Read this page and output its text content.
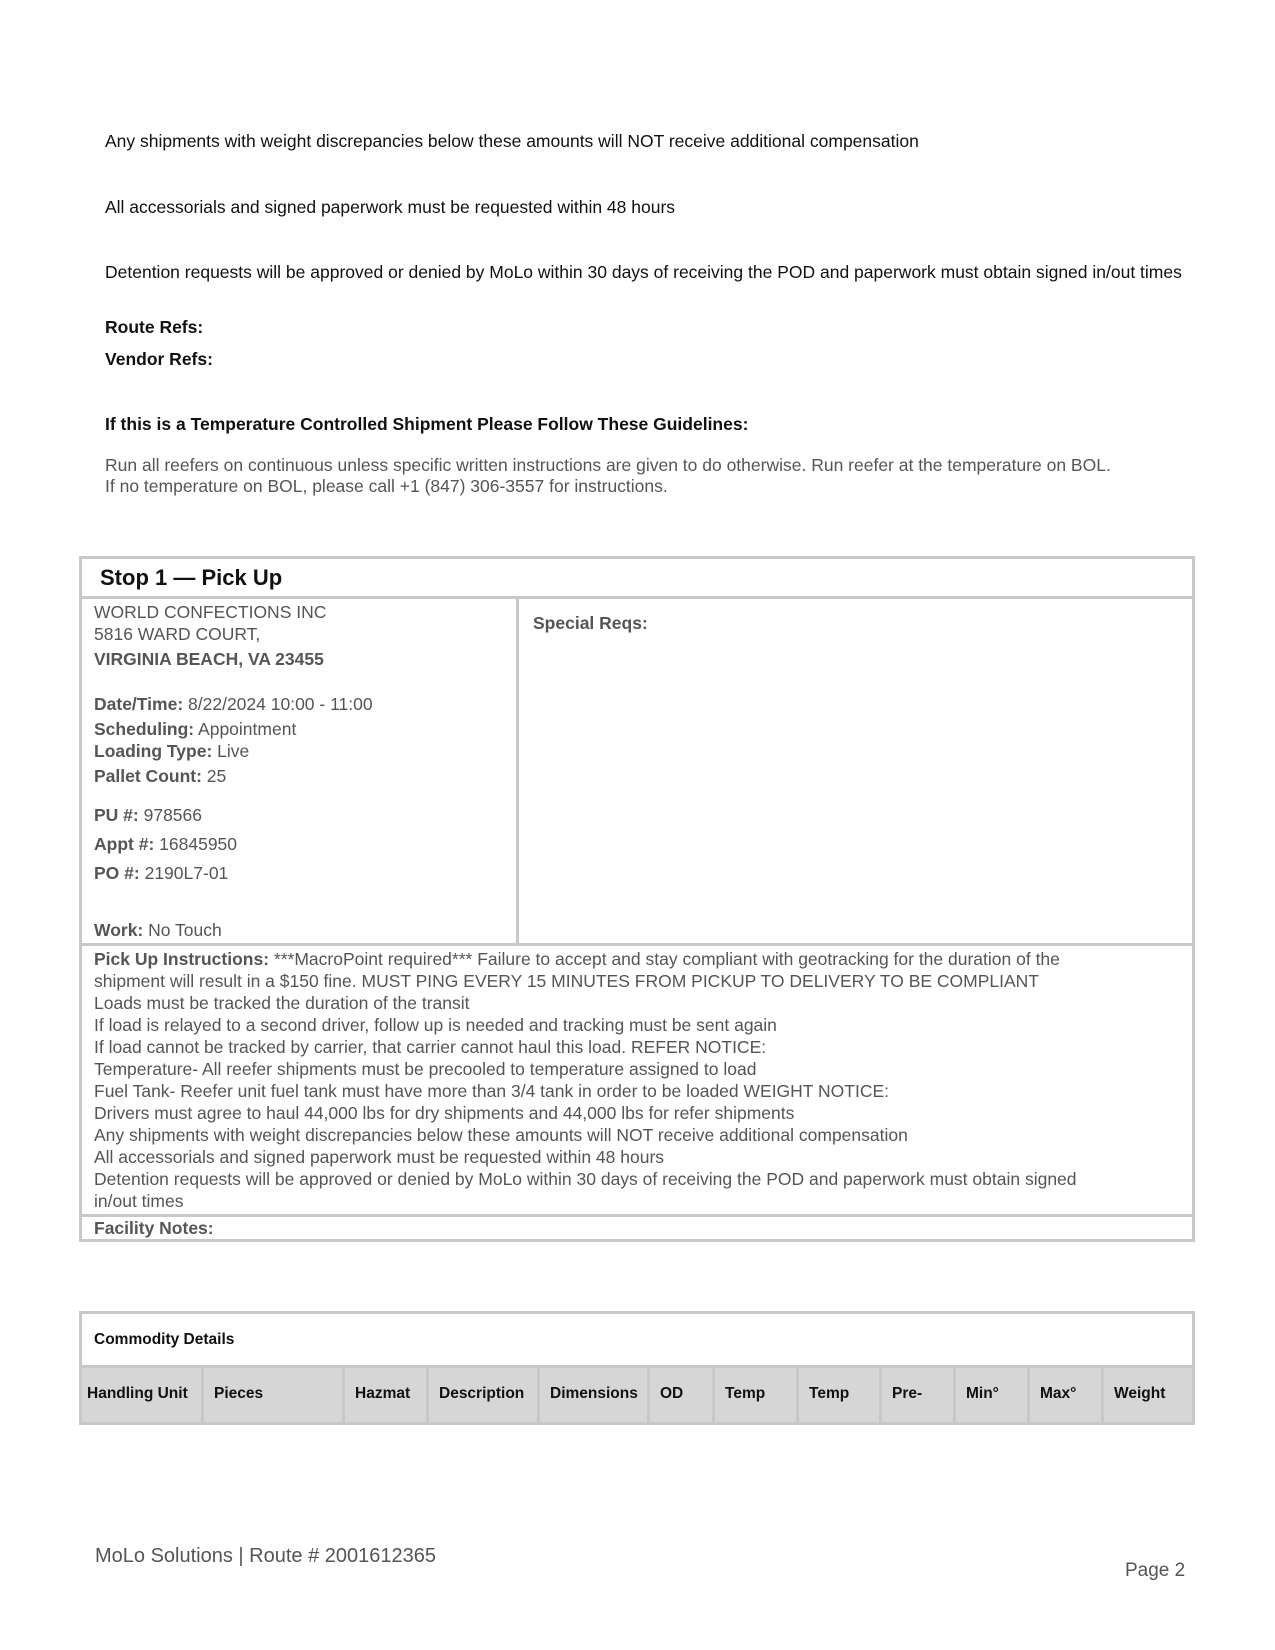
Any shipments with weight discrepancies below these amounts will NOT receive additional compensation
All accessorials and signed paperwork must be requested within 48 hours
Detention requests will be approved or denied by MoLo within 30 days of receiving the POD and paperwork must obtain signed in/out times
Route Refs:
Vendor Refs:
If this is a Temperature Controlled Shipment Please Follow These Guidelines:
Run all reefers on continuous unless specific written instructions are given to do otherwise. Run reefer at the temperature on BOL.
If no temperature on BOL, please call +1 (847) 306-3557 for instructions.
Stop 1 — Pick Up
WORLD CONFECTIONS INC
5816 WARD COURT,
VIRGINIA BEACH, VA 23455
Date/Time: 8/22/2024 10:00 - 11:00
Scheduling: Appointment
Loading Type: Live
Pallet Count: 25
PU #: 978566
Appt #: 16845950
PO #: 2190L7-01
Work: No Touch
Special Reqs:
Pick Up Instructions: ***MacroPoint required*** Failure to accept and stay compliant with geotracking for the duration of the
shipment will result in a $150 fine. MUST PING EVERY 15 MINUTES FROM PICKUP TO DELIVERY TO BE COMPLIANT
Loads must be tracked the duration of the transit
If load is relayed to a second driver, follow up is needed and tracking must be sent again
If load cannot be tracked by carrier, that carrier cannot haul this load. REFER NOTICE:
Temperature- All reefer shipments must be precooled to temperature assigned to load
Fuel Tank- Reefer unit fuel tank must have more than 3/4 tank in order to be loaded WEIGHT NOTICE:
Drivers must agree to haul 44,000 lbs for dry shipments and 44,000 lbs for refer shipments
Any shipments with weight discrepancies below these amounts will NOT receive additional compensation
All accessorials and signed paperwork must be requested within 48 hours
Detention requests will be approved or denied by MoLo within 30 days of receiving the POD and paperwork must obtain signed
in/out times
Facility Notes:
Commodity Details
Handling Unit	Pieces	Hazmat	Description	Dimensions	OD	Temp	Temp	Pre-	Min°	Max°	Weight
MoLo Solutions | Route # 2001612365
Page 2
